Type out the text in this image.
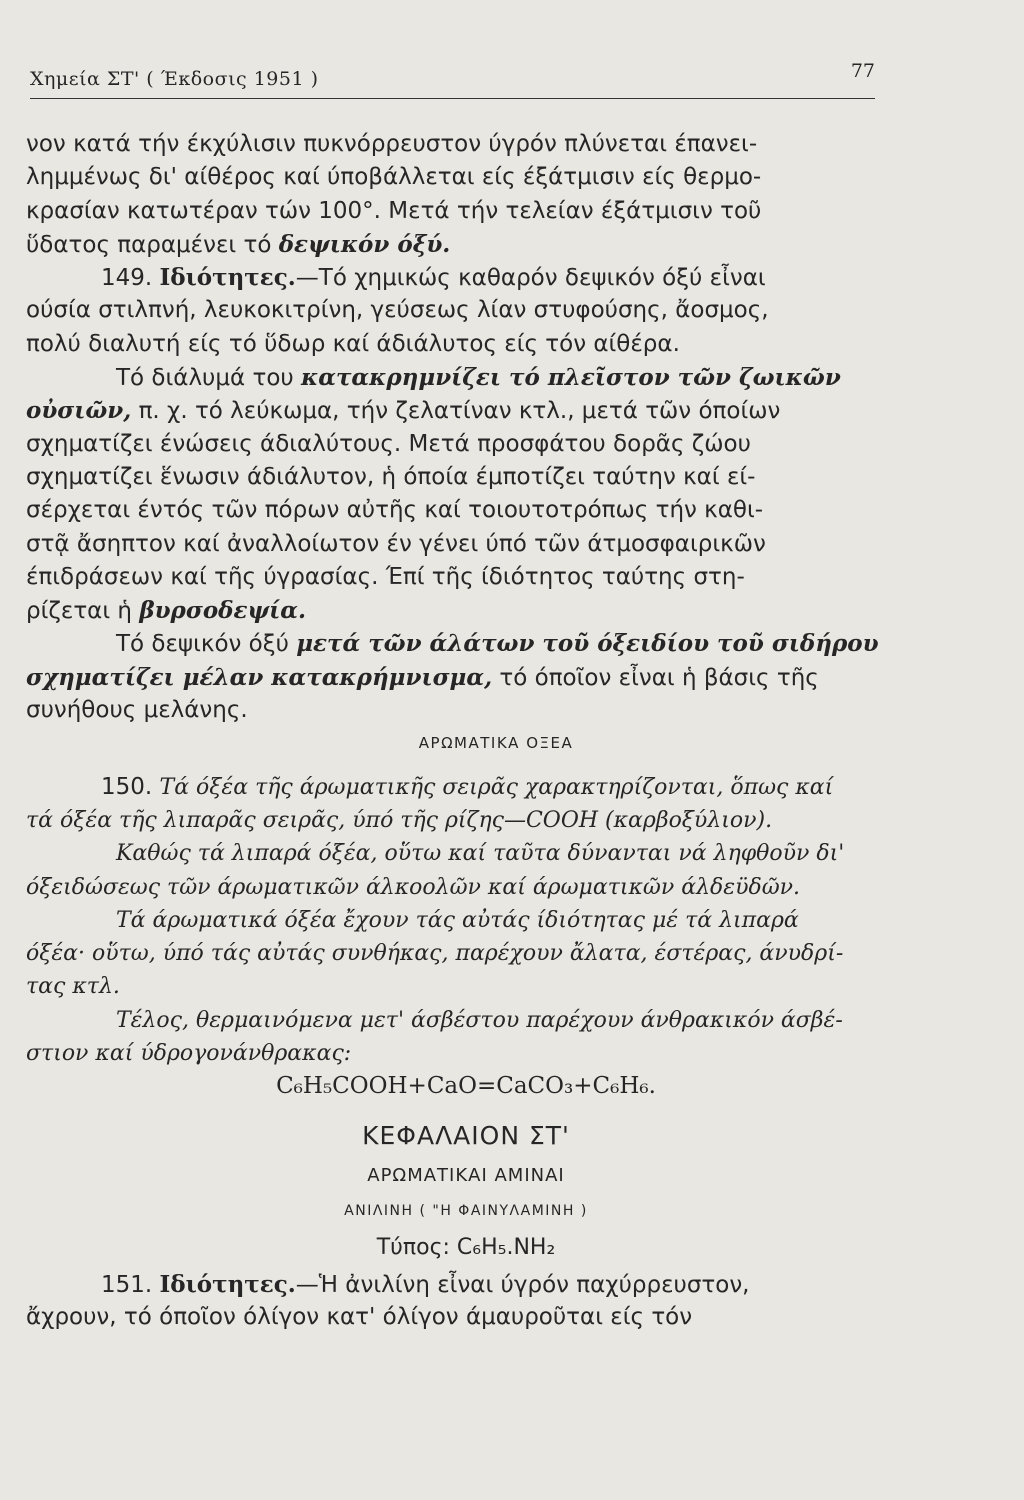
Χημεία ΣΤ' ( Έκδοσις 1951 )	77
νον κατά τήν έκχύλισιν πυκνόρρευστον ύγρόν πλύνεται έπανει-
λημμένως δι' αίθέρος καί ύποβάλλεται είς έξάτμισιν είς θερμο-
κρασίαν κατωτέραν τών 100°. Μετά τήν τελείαν έξάτμισιν τοῦ
ὕδατος παραμένει τό δεψικόν όξύ.
149. Ιδιότητες.—Τό χημικώς καθαρόν δεψικόν όξύ εἶναι
ούσία στιλπνή, λευκοκιτρίνη, γεύσεως λίαν στυφούσης, ἄοσμος,
πολύ διαλυτή είς τό ὕδωρ καί άδιάλυτος είς τόν αίθέρα.
Τό διάλυμά του κατακρημνίζει τό πλεῖστον τῶν ζωικῶν
οὐσιῶν, π. χ. τό λεύκωμα, τήν ζελατίναν κτλ., μετά τῶν όποίων
σχηματίζει ένώσεις άδιαλύτους. Μετά προσφάτου δορᾶς ζώου
σχηματίζει ἕνωσιν άδιάλυτον, ἡ όποία έμποτίζει ταύτην καί εί-
σέρχεται έντός τῶν πόρων αὐτῆς καί τοιουτοτρόπως τήν καθι-
στᾷ ἄσηπτον καί ἀναλλοίωτον έν γένει ύπό τῶν άτμοσφαιρικῶν
έπιδράσεων καί τῆς ύγρασίας. Έπί τῆς ίδιότητος ταύτης στη-
ρίζεται ἡ βυρσοδεψία.
Τό δεψικόν όξύ μετά τῶν άλάτων τοῦ όξειδίου τοῦ σιδήρου
σχηματίζει μέλαν κατακρήμνισμα, τό όποῖον εἶναι ἡ βάσις τῆς
συνήθους μελάνης.
ΑΡΩΜΑΤΙΚΑ ΟΞΕΑ
150. Τά όξέα τῆς άρωματικῆς σειρᾶς χαρακτηρίζονται, ὅπως καί
τά όξέα τῆς λιπαρᾶς σειρᾶς, ύπό τῆς ρίζης—COOH (καρβοξύλιον).
Καθώς τά λιπαρά όξέα, οὕτω καί ταῦτα δύνανται νά ληφθοῦν δι'
όξειδώσεως τῶν άρωματικῶν άλκοολῶν καί άρωματικῶν άλδεϋδῶν.
Τά άρωματικά όξέα ἔχουν τάς αὐτάς ίδιότητας μέ τά λιπαρά
όξέα· οὕτω, ύπό τάς αὐτάς συνθήκας, παρέχουν ἄλατα, έστέρας, άνυδρί-
τας κτλ.
Τέλος, θερμαινόμενα μετ' άσβέστου παρέχουν άνθρακικόν άσβέ-
στιον καί ύδρογονάνθρακας:
C₆H₅COOH+CaO=CaCO₃+C₆H₆.
ΚΕΦΑΛΑΙΟΝ ΣΤ'
ΑΡΩΜΑΤΙΚΑΙ ΑΜΙΝΑΙ
ΑΝΙΛΙΝΗ ( "Η ΦΑΙΝΥΛΑΜΙΝΗ )
Τύπος: C₆H₅.NH₂
151. Ιδιότητες.—Ἡ ἀνιλίνη εἶναι ύγρόν παχύρρευστον,
ἄχρουν, τό όποῖον όλίγον κατ' όλίγον άμαυροῦται είς τόν
